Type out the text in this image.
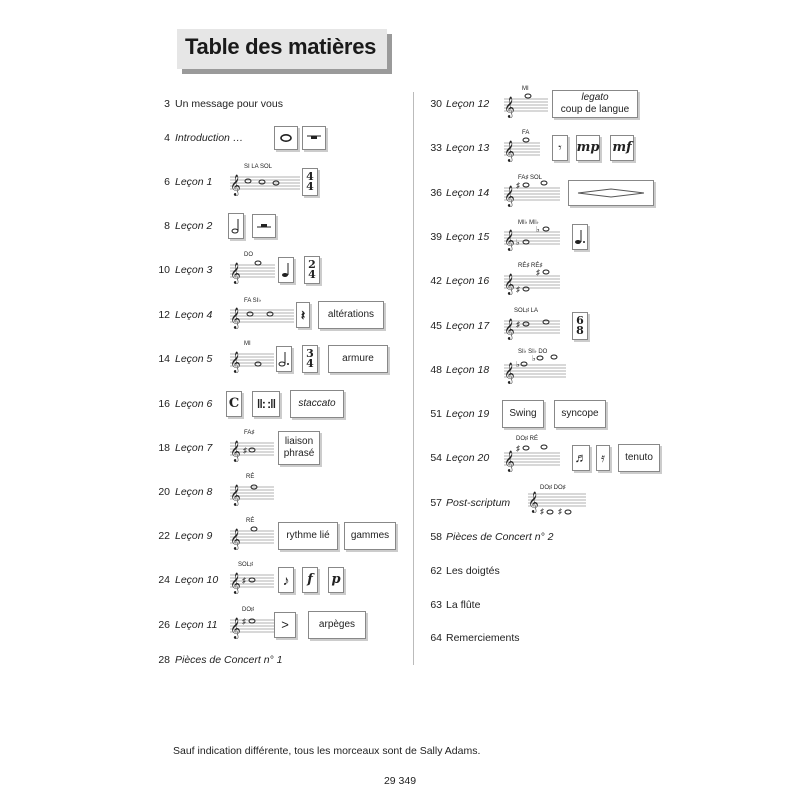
Table des matières
3 Un message pour vous
4 Introduction …
6 Leçon 1 𝄞
SI LA SOL
4
4
8 Leçon 2
10 Leçon 3 𝄞
DO
2
4
12 Leçon 4 𝄞
FA SI♭
𝄽 altérations
14 Leçon 5 𝄞
MI
3
4	armure
16 Leçon 6 C ‖: :‖ staccato
18 Leçon 7 𝄞 ♯
FA♯
liaison
phrasé
20 Leçon 8 𝄞
RÉ
22 Leçon 9 𝄞
RÉ
rythme lié gammes
24 Leçon 10 𝄞 ♯
SOL♯
♪ f p
26 Leçon 11 𝄞 ♯
DO♯
>	arpèges
28 Pièces de Concert n° 1
30 Leçon 12 𝄞
MI
legato
coup de langue
33 Leçon 13 𝄞
FA
𝄾 mp mf
36 Leçon 14 𝄞
♯
FA♯ SOL
39 Leçon 15 𝄞 ♭
♭
MI♭ MI♭
42 Leçon 16 𝄞 ♯
♯
RÉ♯ RÉ♯
45 Leçon 17 𝄞 ♯
SOL♯ LA
6
8
48 Leçon 18 𝄞 ♭
♭
SI♭ SI♭ DO
51 Leçon 19 Swing syncope
54 Leçon 20 𝄞
♯
DO♯ RÉ
♬ 𝄿 tenuto
57 Post-scriptum 𝄞 ♯ ♯
DO♯ DO♯
58 Pièces de Concert n° 2
62 Les doigtés
63 La flûte
64 Remerciements
Sauf indication différente, tous les morceaux sont de Sally Adams.
29 349
